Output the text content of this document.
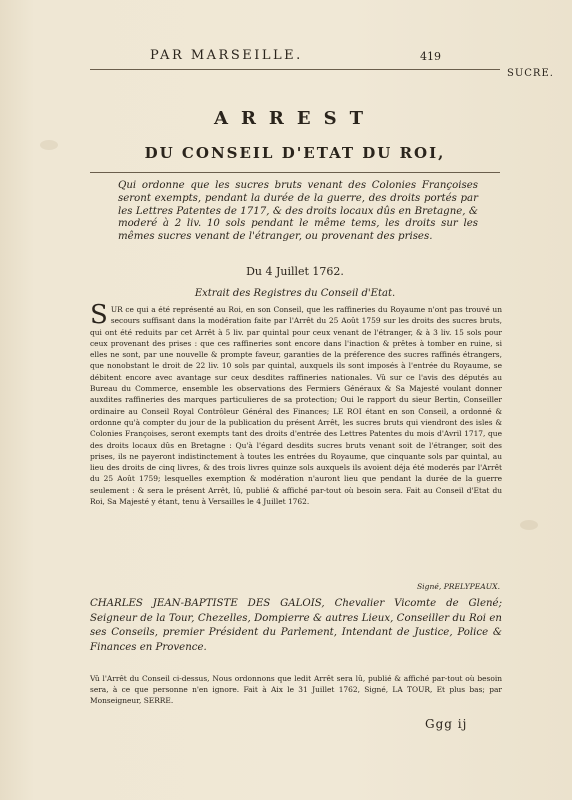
PAR MARSEILLE.	419
SUCRE.
ARREST
DU CONSEIL D'ETAT DU ROI,
Qui ordonne que les sucres bruts venant des Colonies Françoises seront exempts, pendant la durée de la guerre, des droits portés par les Lettres Patentes de 1717, & des droits locaux dûs en Bretagne, & moderé à 2 liv. 10 sols pendant le même tems, les droits sur les mêmes sucres venant de l'étranger, ou provenant des prises.
Du 4 Juillet 1762.
Extrait des Registres du Conseil d'Etat.
SUR ce qui a été représenté au Roi, en son Conseil, que les raffineries du Royaume n'ont pas trouvé un secours suffisant dans la modération faite par l'Arrêt du 25 Août 1759 sur les droits des sucres bruts, qui ont été reduits par cet Arrêt à 5 liv. par quintal pour ceux venant de l'étranger, & à 3 liv. 15 sols pour ceux provenant des prises : que ces raffineries sont encore dans l'inaction & prêtes à tomber en ruine, si elles ne sont, par une nouvelle & prompte faveur, garanties de la préference des sucres raffinés étrangers, que nonobstant le droit de 22 liv. 10 sols par quintal, auxquels ils sont imposés à l'entrée du Royaume, se débitent encore avec avantage sur ceux desdites raffineries nationales. Vû sur ce l'avis des députés au Bureau du Commerce, ensemble les observations des Fermiers Généraux & Sa Majesté voulant donner auxdites raffineries des marques particulieres de sa protection; Oui le rapport du sieur Bertin, Conseiller ordinaire au Conseil Royal Contrôleur Général des Finances; LE ROI étant en son Conseil, a ordonné & ordonne qu'à compter du jour de la publication du présent Arrêt, les sucres bruts qui viendront des isles & Colonies Françoises, seront exempts tant des droits d'entrée des Lettres Patentes du mois d'Avril 1717, que des droits locaux dûs en Bretagne : Qu'à l'égard desdits sucres bruts venant soit de l'étranger, soit des prises, ils ne payeront indistinctement à toutes les entrées du Royaume, que cinquante sols par quintal, au lieu des droits de cinq livres, & des trois livres quinze sols auxquels ils avoient déja été moderés par l'Arrêt du 25 Août 1759; lesquelles exemption & modération n'auront lieu que pendant la durée de la guerre seulement : & sera le présent Arrêt, lû, publié & affiché par-tout où besoin sera. Fait au Conseil d'Etat du Roi, Sa Majesté y étant, tenu à Versailles le 4 Juillet 1762.
Signé, PRELYPEAUX.
CHARLES JEAN-BAPTISTE DES GALOIS, Chevalier Vicomte de Glené; Seigneur de la Tour, Chezelles, Dompierre & autres Lieux, Conseiller du Roi en ses Conseils, premier Président du Parlement, Intendant de Justice, Police & Finances en Provence.
Vû l'Arrêt du Conseil ci-dessus, Nous ordonnons que ledit Arrêt sera lû, publié & affiché par-tout où besoin sera, à ce que personne n'en ignore. Fait à Aix le 31 Juillet 1762, Signé, LA TOUR, Et plus bas; par Monseigneur, SERRE.
Ggg ij
